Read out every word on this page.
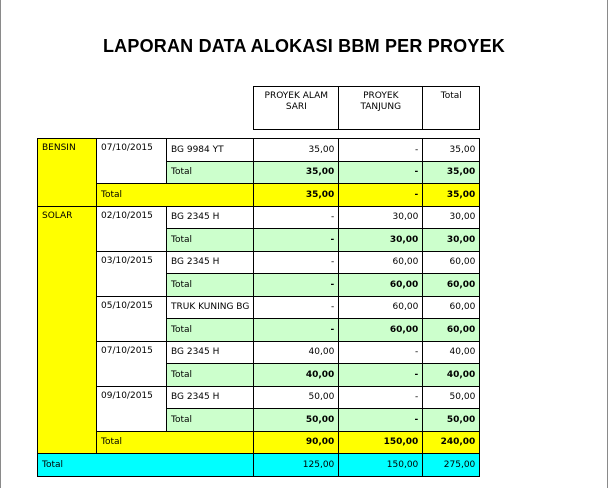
LAPORAN DATA ALOKASI BBM PER PROYEK
			PROYEK ALAM SARI	PROYEK TANJUNG	Total

BENSIN	07/10/2015	BG 9984 YT	35,00	-	35,00
		Total	35,00	-	35,00
	Total		35,00	-	35,00
SOLAR	02/10/2015	BG 2345 H	-	30,00	30,00
		Total	-	30,00	30,00
	03/10/2015	BG 2345 H	-	60,00	60,00
		Total	-	60,00	60,00
	05/10/2015	TRUK KUNING BG	-	60,00	60,00
		Total	-	60,00	60,00
	07/10/2015	BG 2345 H	40,00	-	40,00
		Total	40,00	-	40,00
	09/10/2015	BG 2345 H	50,00	-	50,00
		Total	50,00	-	50,00
	Total		90,00	150,00	240,00
Total			125,00	150,00	275,00
